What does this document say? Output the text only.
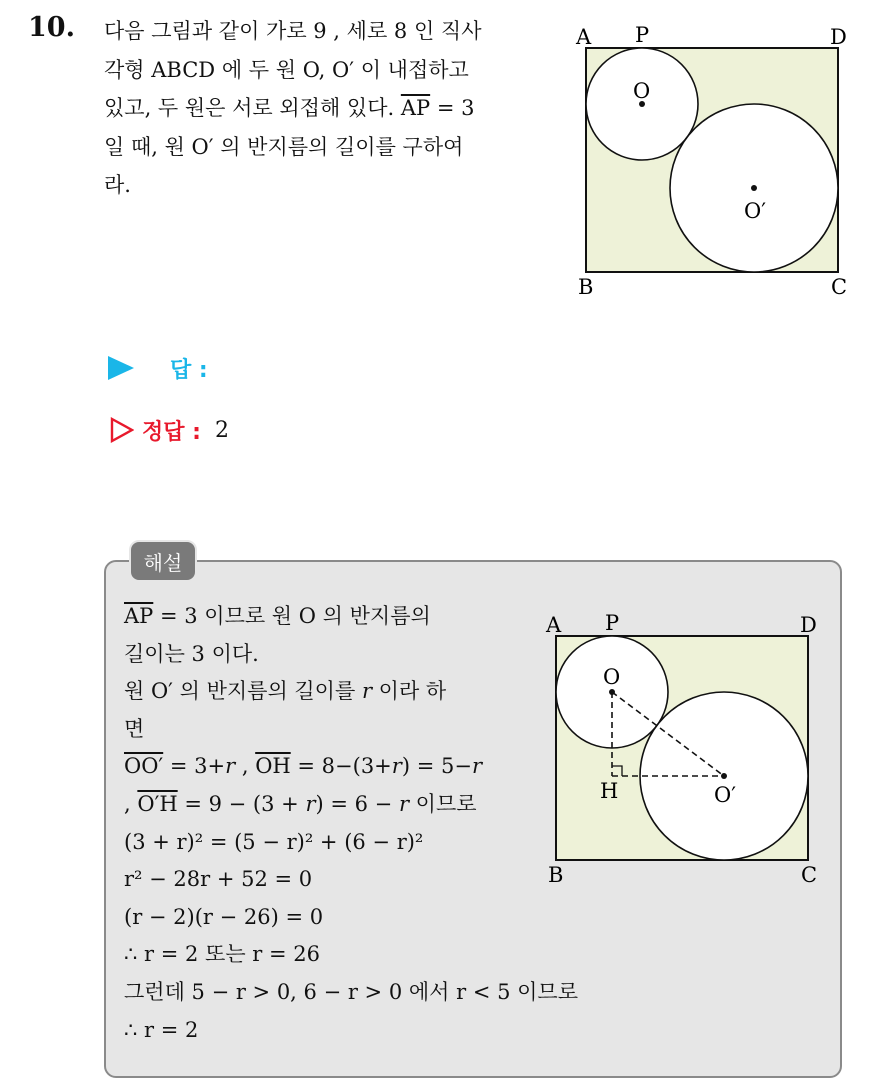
10. 다음 그림과 같이 가로 9 , 세로 8 인 직사
각형 ABCD 에 두 원 O, O′ 이 내접하고
있고, 두 원은 서로 외접해 있다. $\overline{AP} = 3$
일 때, 원 O′ 의 반지름의 길이를 구하여
라.
A P	D
B	C
O
O′
답 :
정답 : 2
해설
$\overline{AP} = 3$ 이므로 원 O 의 반지름의
길이는 3 이다.
원 O′ 의 반지름의 길이를 r 이라 하
면
OO′ = 3+r , $\overline{OH} = 8-(3+r) = 5-r$
, O′H = 9 − (3 + r) = 6 − r 이므로
(3 + r)² = (5 − r)² + (6 − r)²
r² − 28r + 52 = 0
(r − 2)(r − 26) = 0
∴ r = 2 또는 r = 26
그런데 5 − r > 0, 6 − r > 0 에서 r < 5 이므로
∴ r = 2
A P	D
B	C
O
H	O′
